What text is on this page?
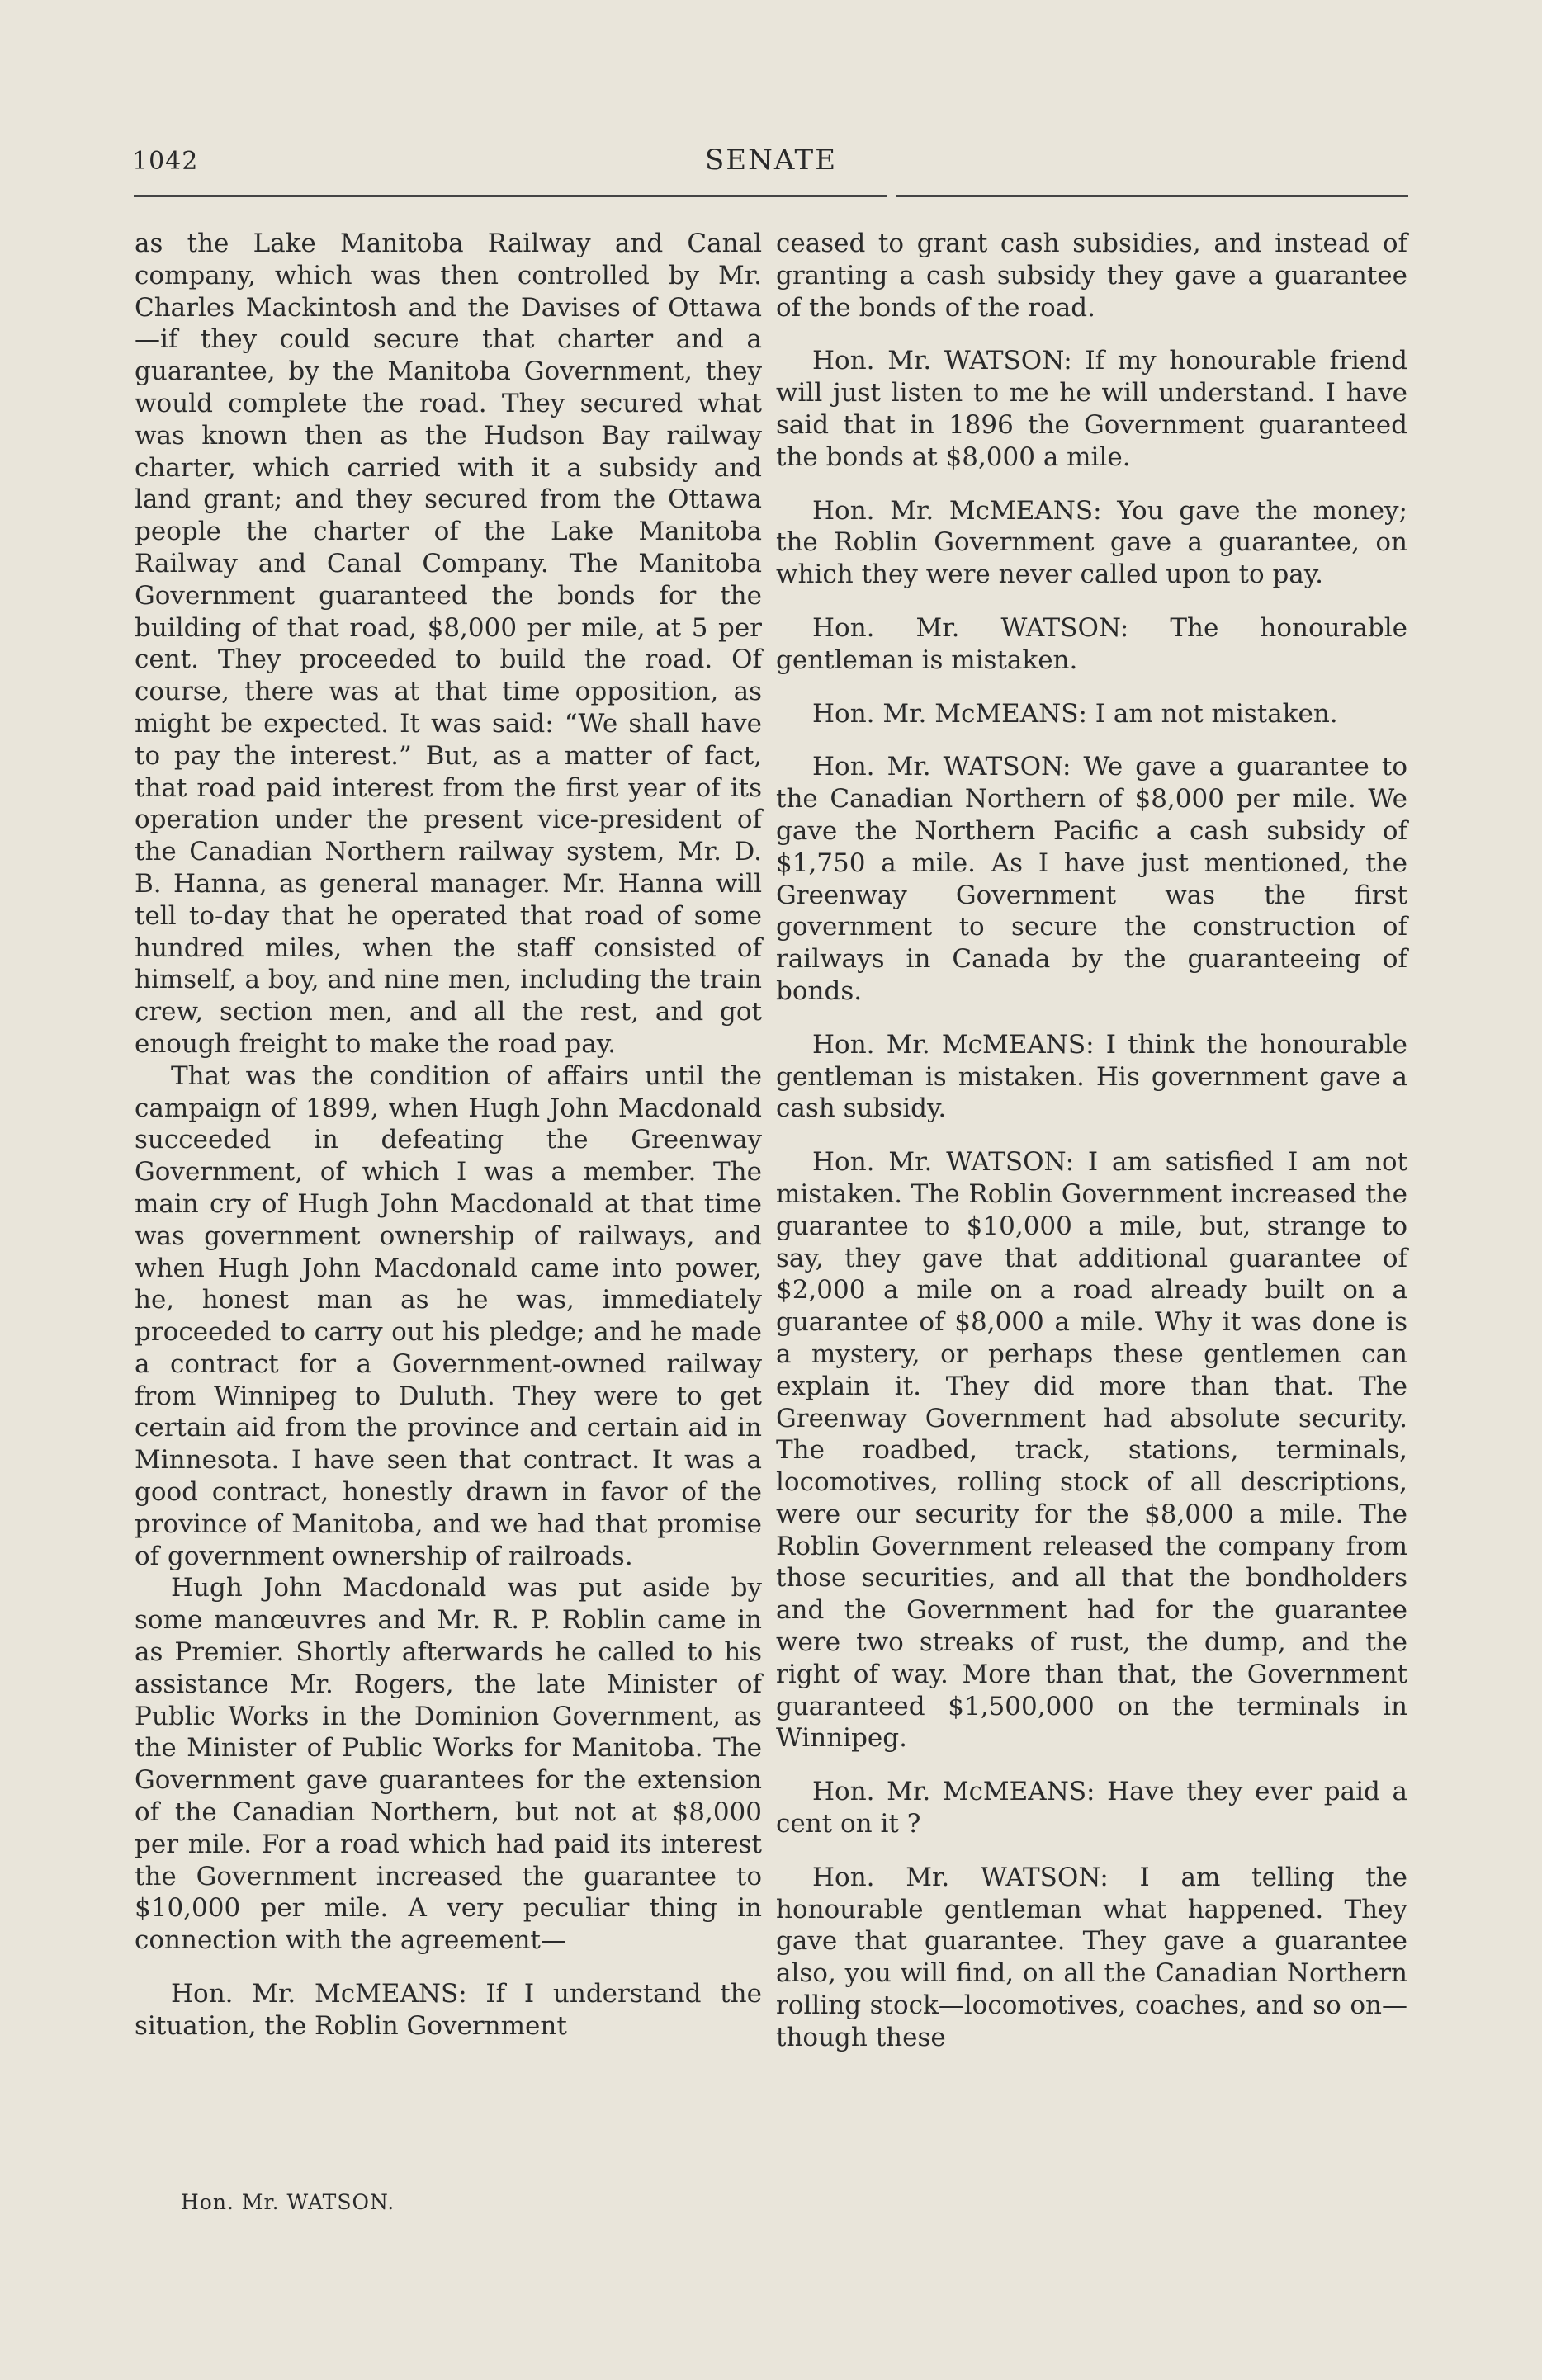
1042	SENATE

as the Lake Manitoba Railway and Canal company, which was then controlled by Mr. Charles Mackintosh and the Davises of Ottawa—if they could secure that charter and a guarantee, by the Manitoba Government, they would complete the road. They secured what was known then as the Hudson Bay railway charter, which carried with it a subsidy and land grant; and they secured from the Ottawa people the charter of the Lake Manitoba Railway and Canal Company. The Manitoba Government guaranteed the bonds for the building of that road, $8,000 per mile, at 5 per cent. They proceeded to build the road. Of course, there was at that time opposition, as might be expected. It was said: “We shall have to pay the interest.” But, as a matter of fact, that road paid interest from the first year of its operation under the present vice-president of the Canadian Northern railway system, Mr. D. B. Hanna, as general manager. Mr. Hanna will tell to-day that he operated that road of some hundred miles, when the staff consisted of himself, a boy, and nine men, including the train crew, section men, and all the rest, and got enough freight to make the road pay.

That was the condition of affairs until the campaign of 1899, when Hugh John Macdonald succeeded in defeating the Greenway Government, of which I was a member. The main cry of Hugh John Macdonald at that time was government ownership of railways, and when Hugh John Macdonald came into power, he, honest man as he was, immediately proceeded to carry out his pledge; and he made a contract for a Government-owned railway from Winnipeg to Duluth. They were to get certain aid from the province and certain aid in Minnesota. I have seen that contract. It was a good contract, honestly drawn in favor of the province of Manitoba, and we had that promise of government ownership of railroads.

Hugh John Macdonald was put aside by some manœuvres and Mr. R. P. Roblin came in as Premier. Shortly afterwards he called to his assistance Mr. Rogers, the late Minister of Public Works in the Dominion Government, as the Minister of Public Works for Manitoba. The Government gave guarantees for the extension of the Canadian Northern, but not at $8,000 per mile. For a road which had paid its interest the Government increased the guarantee to $10,000 per mile. A very peculiar thing in connection with the agreement—

Hon. Mr. McMEANS: If I understand the situation, the Roblin Government

ceased to grant cash subsidies, and instead of granting a cash subsidy they gave a guarantee of the bonds of the road.

Hon. Mr. WATSON: If my honourable friend will just listen to me he will understand. I have said that in 1896 the Government guaranteed the bonds at $8,000 a mile.

Hon. Mr. McMEANS: You gave the money; the Roblin Government gave a guarantee, on which they were never called upon to pay.

Hon. Mr. WATSON: The honourable gentleman is mistaken.

Hon. Mr. McMEANS: I am not mistaken.

Hon. Mr. WATSON: We gave a guarantee to the Canadian Northern of $8,000 per mile. We gave the Northern Pacific a cash subsidy of $1,750 a mile. As I have just mentioned, the Greenway Government was the first government to secure the construction of railways in Canada by the guaranteeing of bonds.

Hon. Mr. McMEANS: I think the honourable gentleman is mistaken. His government gave a cash subsidy.

Hon. Mr. WATSON: I am satisfied I am not mistaken. The Roblin Government increased the guarantee to $10,000 a mile, but, strange to say, they gave that additional guarantee of $2,000 a mile on a road already built on a guarantee of $8,000 a mile. Why it was done is a mystery, or perhaps these gentlemen can explain it. They did more than that. The Greenway Government had absolute security. The roadbed, track, stations, terminals, locomotives, rolling stock of all descriptions, were our security for the $8,000 a mile. The Roblin Government released the company from those securities, and all that the bondholders and the Government had for the guarantee were two streaks of rust, the dump, and the right of way. More than that, the Government guaranteed $1,500,000 on the terminals in Winnipeg.

Hon. Mr. McMEANS: Have they ever paid a cent on it ?

Hon. Mr. WATSON: I am telling the honourable gentleman what happened. They gave that guarantee. They gave a guarantee also, you will find, on all the Canadian Northern rolling stock—locomotives, coaches, and so on—though these

Hon. Mr. WATSON.
